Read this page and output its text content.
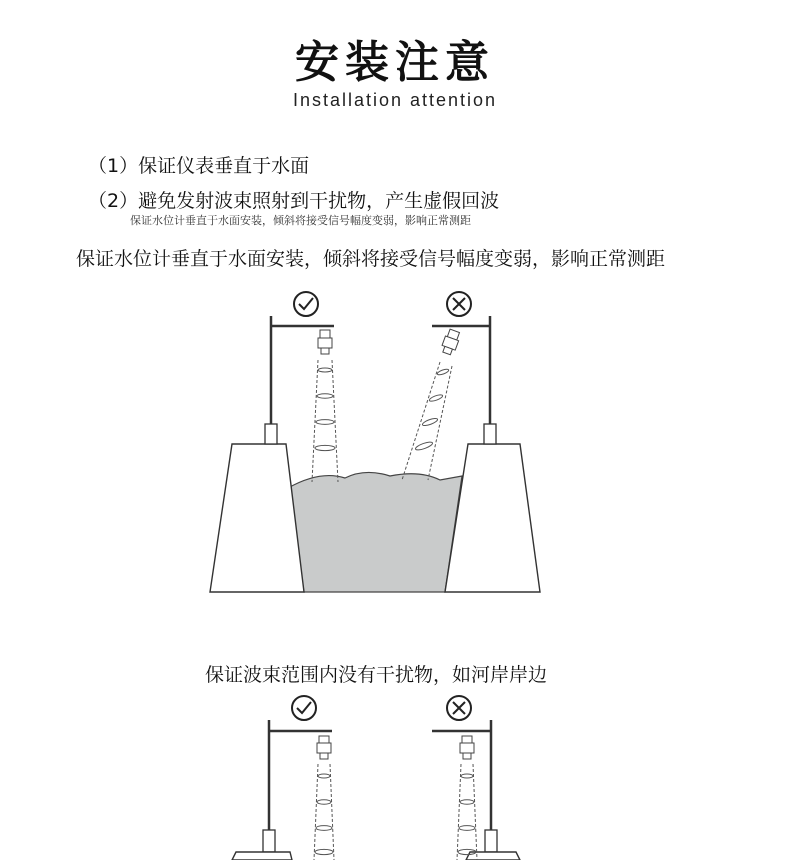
安装注意
Installation attention
（1）保证仪表垂直于水面
（2）避免发射波束照射到干扰物，产生虚假回波
保证水位计垂直于水面安装，倾斜将接受信号幅度变弱，影响正常测距
保证水位计垂直于水面安装，倾斜将接受信号幅度变弱，影响正常测距
保证波束范围内没有干扰物，如河岸岸边
